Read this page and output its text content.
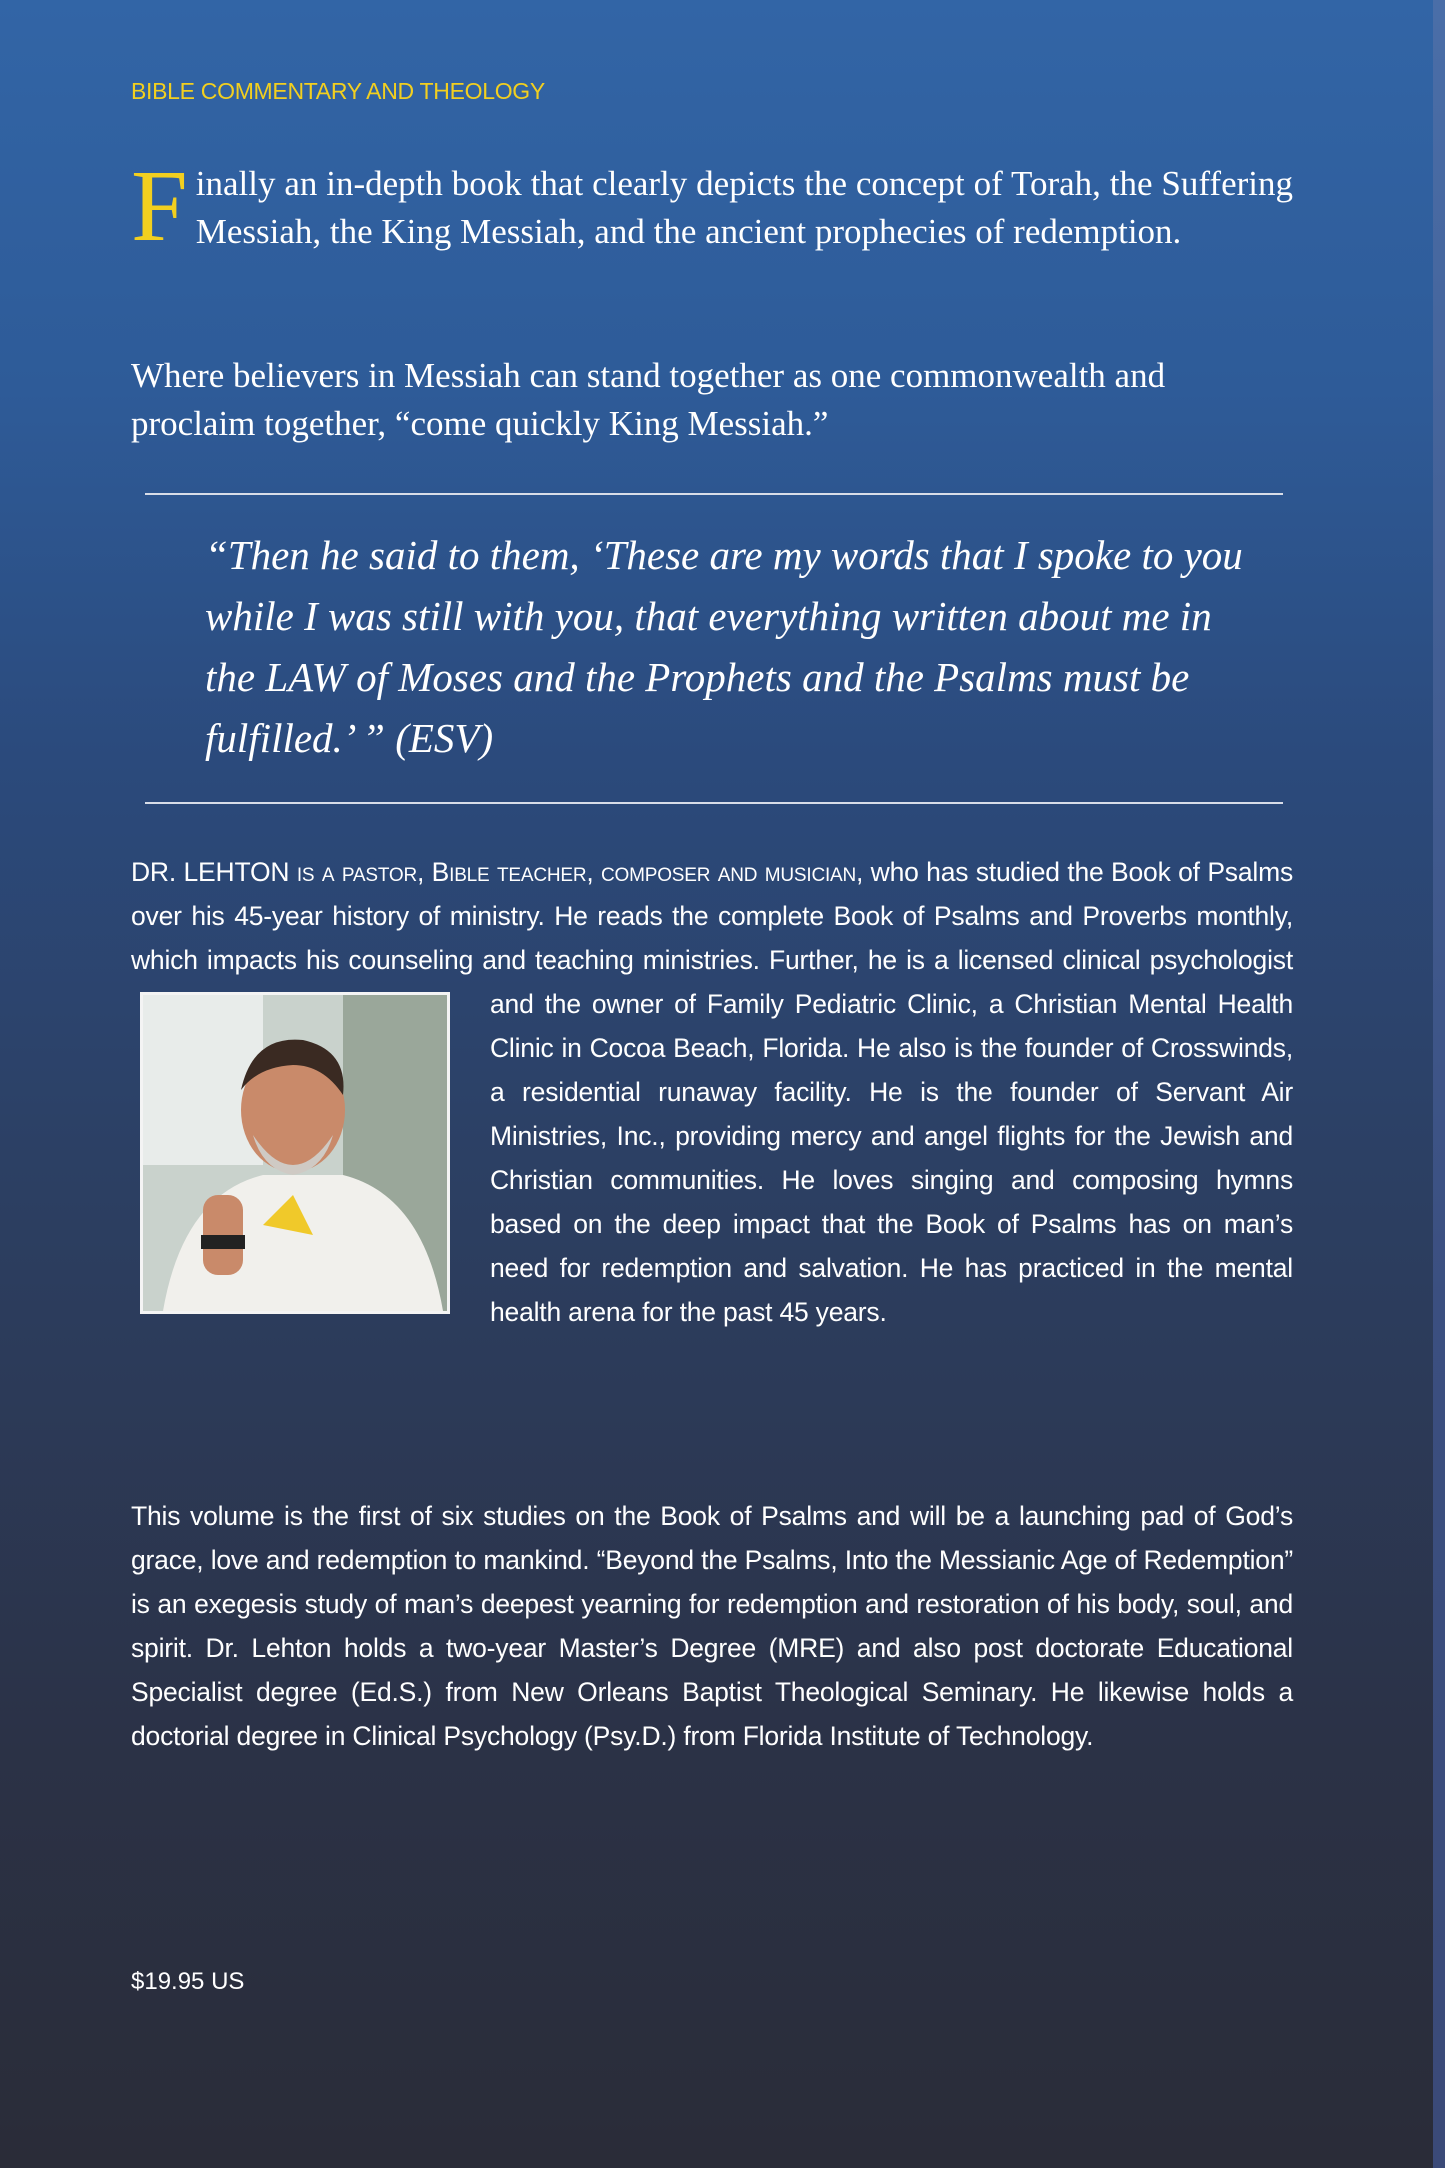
BIBLE COMMENTARY AND THEOLOGY
Finally an in-depth book that clearly depicts the concept of Torah, the Suffering Messiah, the King Messiah, and the ancient prophecies of redemption.
Where believers in Messiah can stand together as one commonwealth and proclaim together, “come quickly King Messiah.”
“Then he said to them, ‘These are my words that I spoke to you while I was still with you, that everything written about me in the LAW of Moses and the Prophets and the Psalms must be fulfilled.’ ” (ESV)
DR. LEHTON is a pastor, Bible teacher, composer and musician, who has studied the Book of Psalms over his 45-year history of ministry. He reads the complete Book of Psalms and Proverbs monthly, which impacts his counseling and teaching ministries. Further, he is a licensed clinical psychologist and the owner of Family Pediatric Clinic, a Christian Mental Health Clinic in Cocoa Beach, Florida. He also is the founder of Crosswinds, a residential runaway facility. He is the founder of Servant Air Ministries, Inc., providing mercy and angel flights for the Jewish and Christian communities. He loves singing and composing hymns based on the deep impact that the Book of Psalms has on man’s need for redemption and salvation. He has practiced in the mental health arena for the past 45 years.
This volume is the first of six studies on the Book of Psalms and will be a launching pad of God’s grace, love and redemption to mankind. “Beyond the Psalms, Into the Messianic Age of Redemption” is an exegesis study of man’s deepest yearning for redemption and restoration of his body, soul, and spirit. Dr. Lehton holds a two-year Master’s Degree (MRE) and also post doctorate Educational Specialist degree (Ed.S.) from New Orleans Baptist Theological Seminary. He likewise holds a doctorial degree in Clinical Psychology (Psy.D.) from Florida Institute of Technology.
$19.95 US
